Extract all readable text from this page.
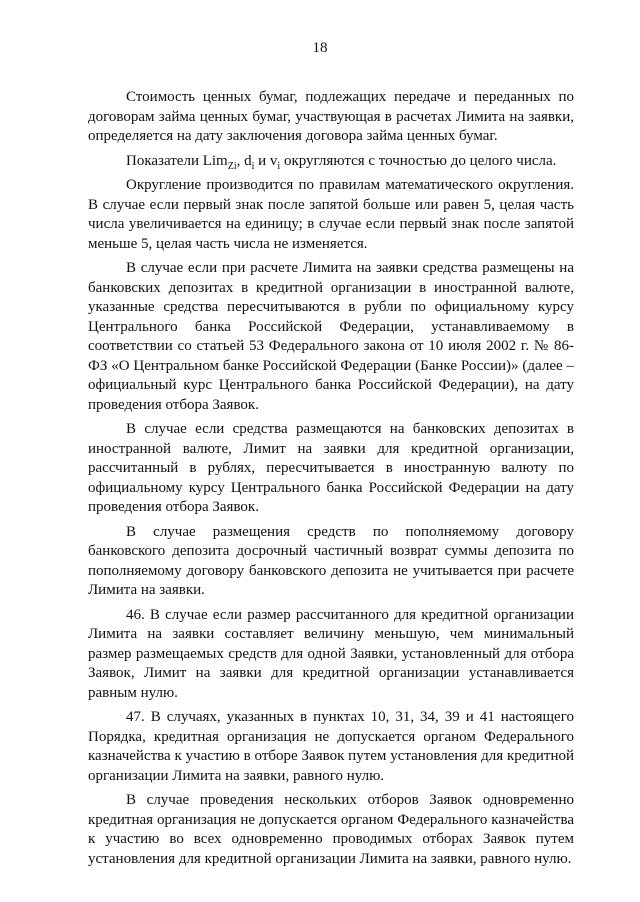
18

Стоимость ценных бумаг, подлежащих передаче и переданных по договорам займа ценных бумаг, участвующая в расчетах Лимита на заявки, определяется на дату заключения договора займа ценных бумаг.

Показатели Lim$_{Zi}$, $d_i$ и $v_i$ округляются с точностью до целого числа.

Округление производится по правилам математического округления. В случае если первый знак после запятой больше или равен 5, целая часть числа увеличивается на единицу; в случае если первый знак после запятой меньше 5, целая часть числа не изменяется.

В случае если при расчете Лимита на заявки средства размещены на банковских депозитах в кредитной организации в иностранной валюте, указанные средства пересчитываются в рубли по официальному курсу Центрального банка Российской Федерации, устанавливаемому в соответствии со статьей 53 Федерального закона от 10 июля 2002 г. № 86-ФЗ «О Центральном банке Российской Федерации (Банке России)» (далее – официальный курс Центрального банка Российской Федерации), на дату проведения отбора Заявок.

В случае если средства размещаются на банковских депозитах в иностранной валюте, Лимит на заявки для кредитной организации, рассчитанный в рублях, пересчитывается в иностранную валюту по официальному курсу Центрального банка Российской Федерации на дату проведения отбора Заявок.

В случае размещения средств по пополняемому договору банковского депозита досрочный частичный возврат суммы депозита по пополняемому договору банковского депозита не учитывается при расчете Лимита на заявки.

46. В случае если размер рассчитанного для кредитной организации Лимита на заявки составляет величину меньшую, чем минимальный размер размещаемых средств для одной Заявки, установленный для отбора Заявок, Лимит на заявки для кредитной организации устанавливается равным нулю.

47. В случаях, указанных в пунктах 10, 31, 34, 39 и 41 настоящего Порядка, кредитная организация не допускается органом Федерального казначейства к участию в отборе Заявок путем установления для кредитной организации Лимита на заявки, равного нулю.

В случае проведения нескольких отборов Заявок одновременно кредитная организация не допускается органом Федерального казначейства к участию во всех одновременно проводимых отборах Заявок путем установления для кредитной организации Лимита на заявки, равного нулю.
